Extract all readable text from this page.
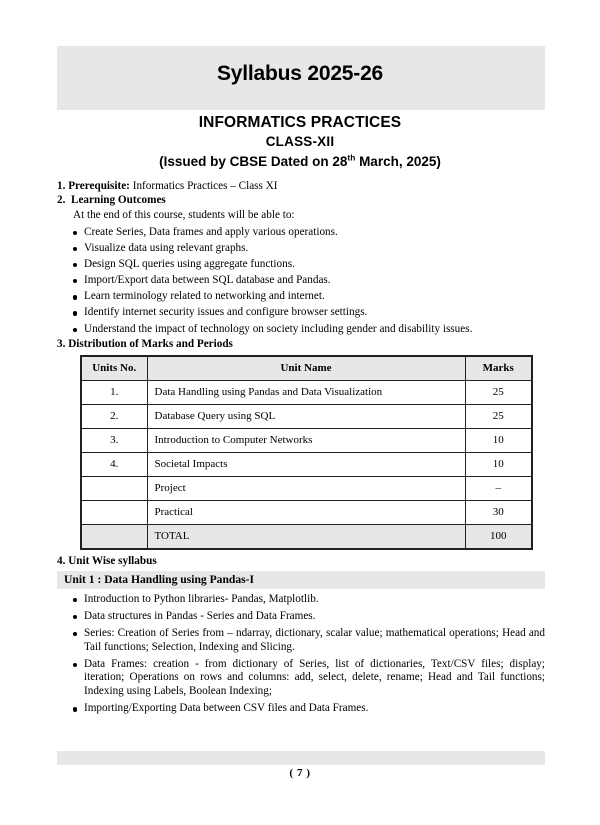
Syllabus 2025-26
INFORMATICS PRACTICES
CLASS-XII
(Issued by CBSE Dated on 28th March, 2025)

1. Prerequisite: Informatics Practices – Class XI

2. Learning Outcomes

At the end of this course, students will be able to:

Create Series, Data frames and apply various operations.
Visualize data using relevant graphs.
Design SQL queries using aggregate functions.
Import/Export data between SQL database and Pandas.
Learn terminology related to networking and internet.
Identify internet security issues and configure browser settings.
Understand the impact of technology on society including gender and disability issues.

3. Distribution of Marks and Periods

Units No.	Unit Name	Marks
1.	Data Handling using Pandas and Data Visualization	25
2.	Database Query using SQL	25
3.	Introduction to Computer Networks	10
4.	Societal Impacts	10
	Project	–
	Practical	30
	TOTAL	100

4. Unit Wise syllabus

Unit 1 : Data Handling using Pandas-I
Introduction to Python libraries- Pandas, Matplotlib.
Data structures in Pandas - Series and Data Frames.
Series: Creation of Series from – ndarray, dictionary, scalar value; mathematical operations; Head and Tail functions; Selection, Indexing and Slicing.
Data Frames: creation - from dictionary of Series, list of dictionaries, Text/CSV files; display; iteration; Operations on rows and columns: add, select, delete, rename; Head and Tail functions; Indexing using Labels, Boolean Indexing;
Importing/Exporting Data between CSV files and Data Frames.
( 7 )
